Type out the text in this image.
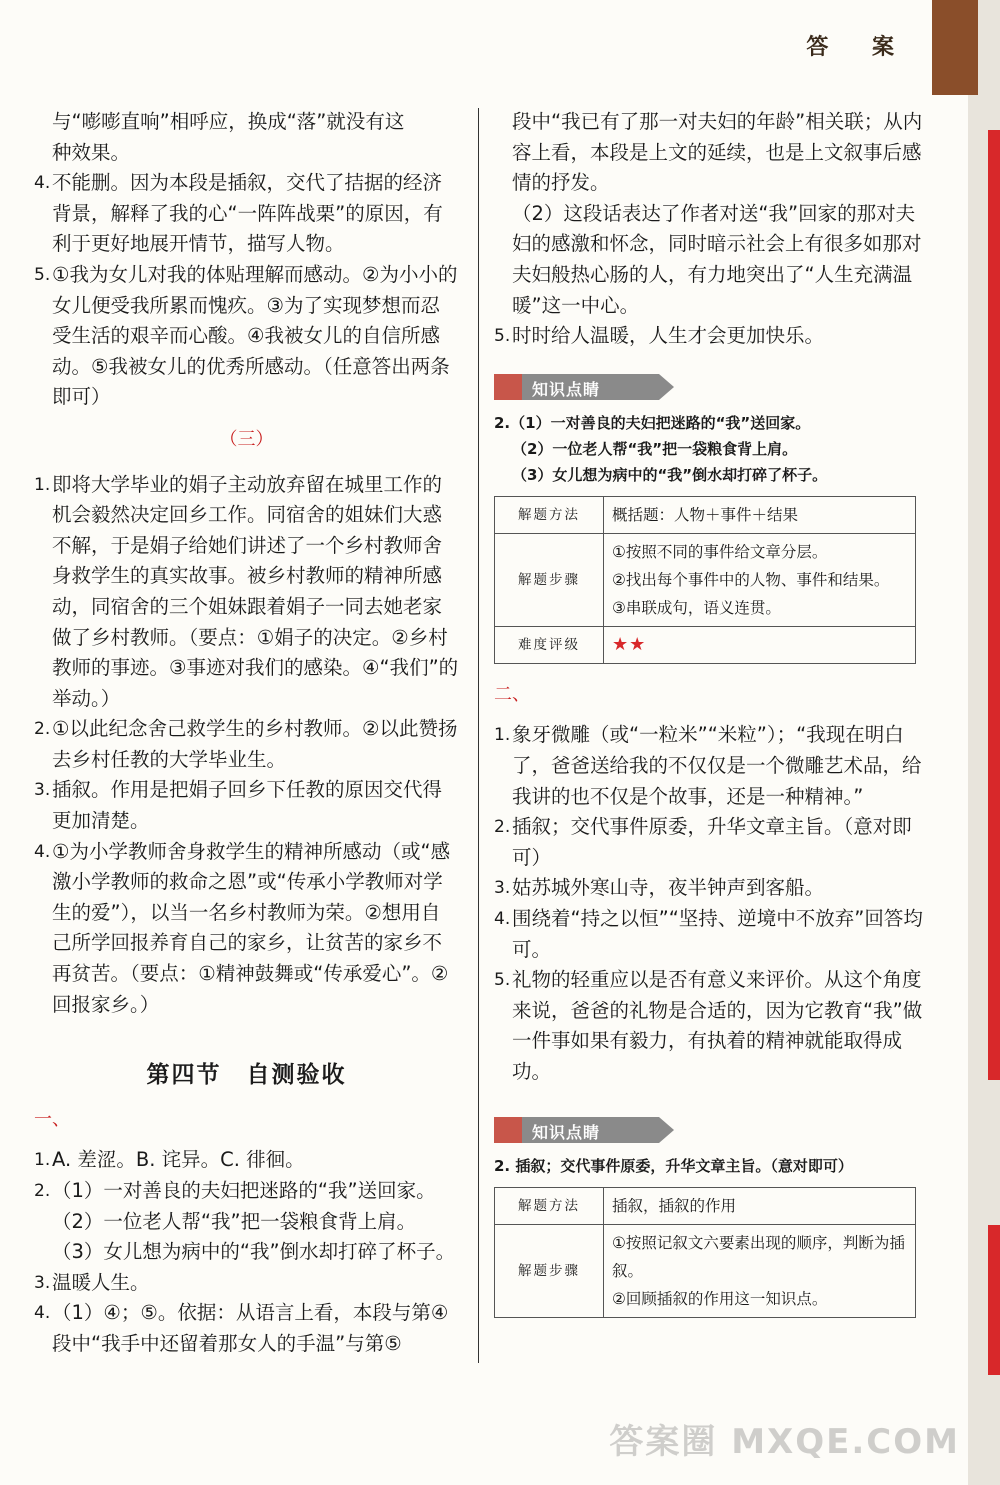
答 案

与“嘭嘭直响”相呼应，换成“落”就没有这

种效果。

4. 不能删。因为本段是插叙，交代了拮据的经济背景，解释了我的心“一阵阵战栗”的原因，有利于更好地展开情节，描写人物。
5. ①我为女儿对我的体贴理解而感动。②为小小的女儿便受我所累而愧疚。③为了实现梦想而忍受生活的艰辛而心酸。④我被女儿的自信所感动。⑤我被女儿的优秀所感动。（任意答出两条即可）
（三）
1. 即将大学毕业的娟子主动放弃留在城里工作的机会毅然决定回乡工作。同宿舍的姐妹们大惑不解，于是娟子给她们讲述了一个乡村教师舍身救学生的真实故事。被乡村教师的精神所感动，同宿舍的三个姐妹跟着娟子一同去她老家做了乡村教师。（要点：①娟子的决定。②乡村教师的事迹。③事迹对我们的感染。④“我们”的举动。）
2. ①以此纪念舍己救学生的乡村教师。②以此赞扬去乡村任教的大学毕业生。
3. 插叙。作用是把娟子回乡下任教的原因交代得更加清楚。
4. ①为小学教师舍身救学生的精神所感动（或“感激小学教师的救命之恩”或“传承小学教师对学生的爱”），以当一名乡村教师为荣。②想用自己所学回报养育自己的家乡，让贫苦的家乡不再贫苦。（要点：①精神鼓舞或“传承爱心”。②回报家乡。）
第四节　自测验收
一、
1. A. 差涩。B. 诧异。C. 徘徊。
2. （1）一对善良的夫妇把迷路的“我”送回家。
（2）一位老人帮“我”把一袋粮食背上肩。
（3）女儿想为病中的“我”倒水却打碎了杯子。
3. 温暖人生。
4. （1）④；⑤。依据：从语言上看，本段与第④段中“我手中还留着那女人的手温”与第⑤

段中“我已有了那一对夫妇的年龄”相关联；从内容上看，本段是上文的延续，也是上文叙事后感情的抒发。

（2）这段话表达了作者对送“我”回家的那对夫妇的感激和怀念，同时暗示社会上有很多如那对夫妇般热心肠的人，有力地突出了“人生充满温暖”这一中心。

5. 时时给人温暖，人生才会更加快乐。
知识点睛
2.（1）一对善良的夫妇把迷路的“我”送回家。
（2）一位老人帮“我”把一袋粮食背上肩。
（3）女儿想为病中的“我”倒水却打碎了杯子。
解题方法	概括题：人物＋事件＋结果
解题步骤	①按照不同的事件给文章分层。
②找出每个事件中的人物、事件和结果。
③串联成句，语义连贯。

难度评级	★★
二、
1. 象牙微雕（或“一粒米”“米粒”）；“我现在明白了，爸爸送给我的不仅仅是一个微雕艺术品，给我讲的也不仅是个故事，还是一种精神。”
2. 插叙；交代事件原委，升华文章主旨。（意对即可）
3. 姑苏城外寒山寺，夜半钟声到客船。
4. 围绕着“持之以恒”“坚持、逆境中不放弃”回答均可。
5. 礼物的轻重应以是否有意义来评价。从这个角度来说，爸爸的礼物是合适的，因为它教育“我”做一件事如果有毅力，有执着的精神就能取得成功。
知识点睛
2. 插叙；交代事件原委，升华文章主旨。（意对即可）
解题方法	插叙，插叙的作用
解题步骤	①按照记叙文六要素出现的顺序，判断为插叙。
②回顾插叙的作用这一知识点。
答案圈 MXQE.COM
